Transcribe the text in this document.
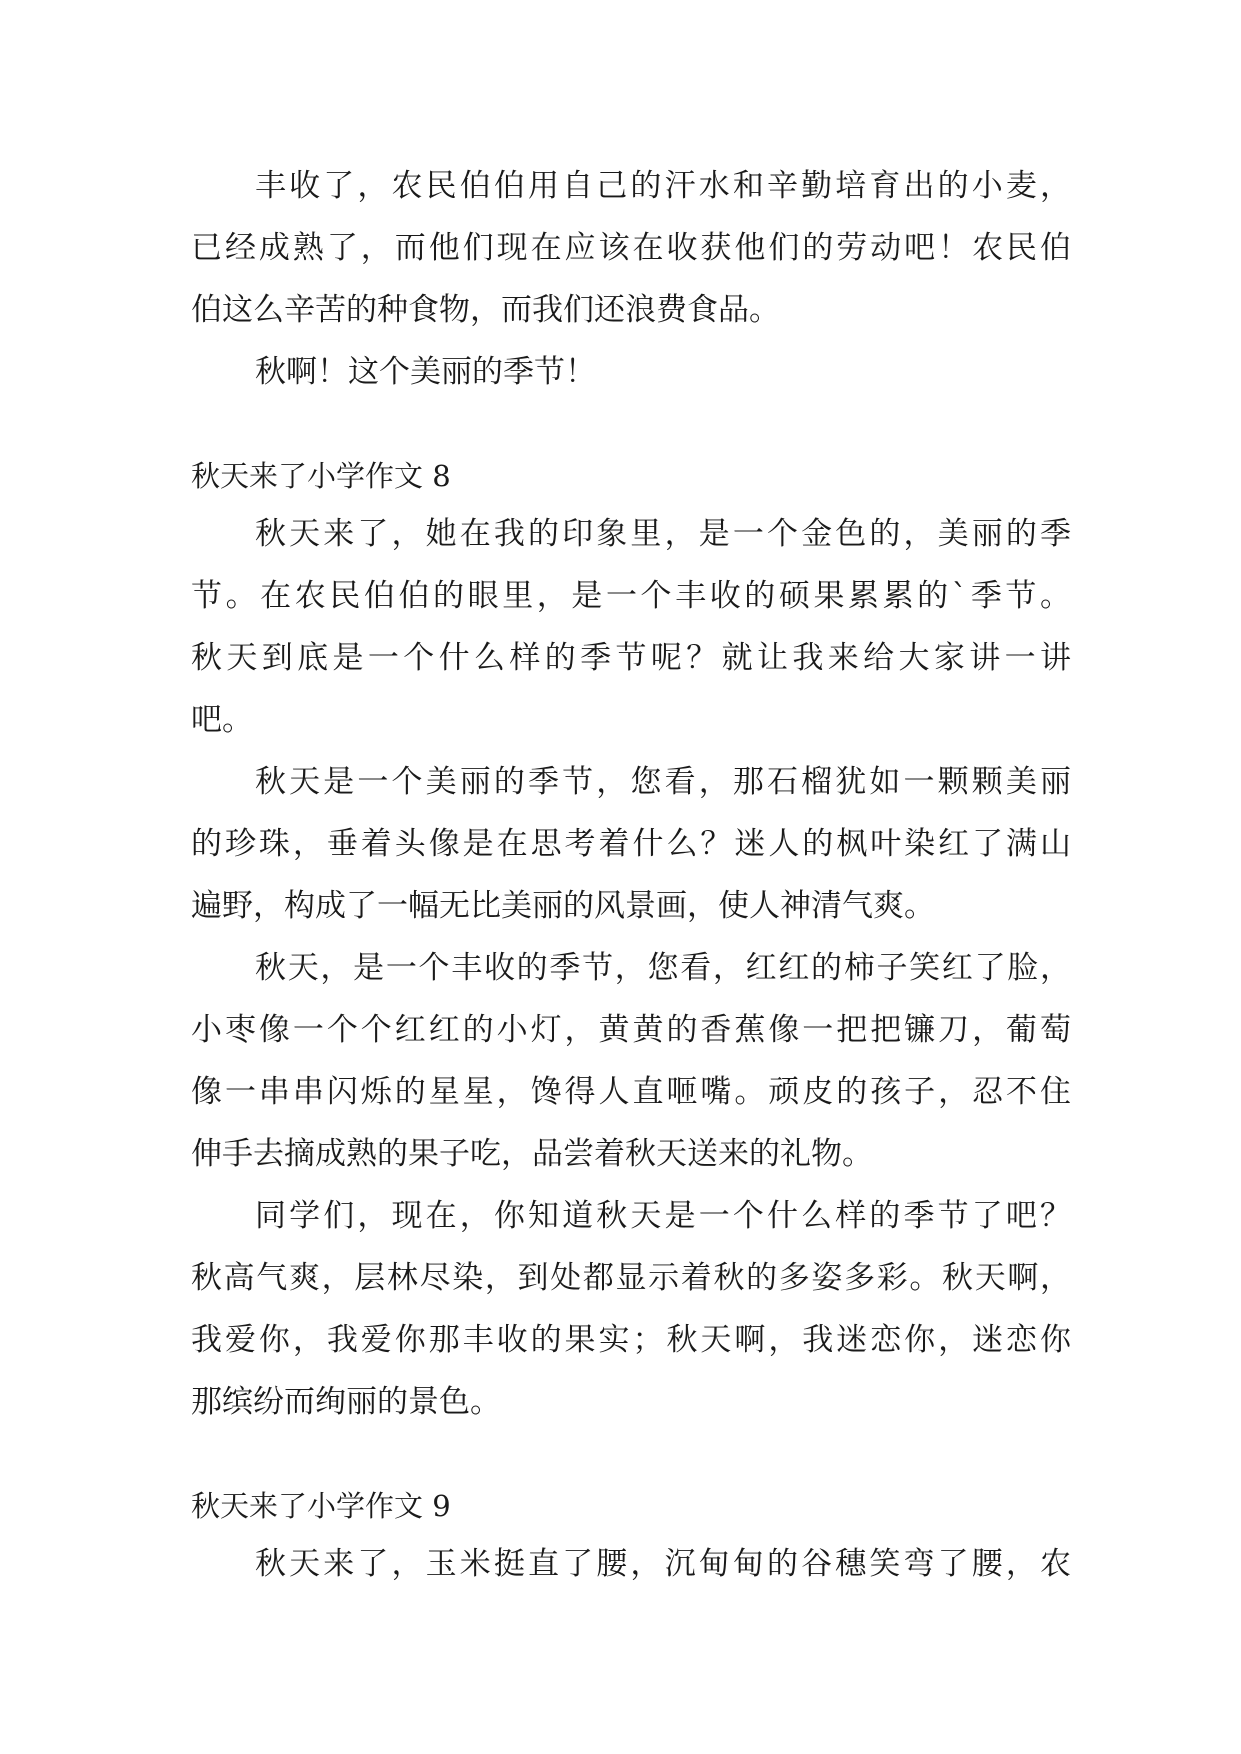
丰收了，农民伯伯用自己的汗水和辛勤培育出的小麦，
已经成熟了，而他们现在应该在收获他们的劳动吧！农民伯
伯这么辛苦的种食物，而我们还浪费食品。
秋啊！这个美丽的季节！
秋天来了小学作文 8
秋天来了，她在我的印象里，是一个金色的，美丽的季
节。在农民伯伯的眼里，是一个丰收的硕果累累的`季节。
秋天到底是一个什么样的季节呢？就让我来给大家讲一讲
吧。
秋天是一个美丽的季节，您看，那石榴犹如一颗颗美丽
的珍珠，垂着头像是在思考着什么？迷人的枫叶染红了满山
遍野，构成了一幅无比美丽的风景画，使人神清气爽。
秋天，是一个丰收的季节，您看，红红的柿子笑红了脸，
小枣像一个个红红的小灯，黄黄的香蕉像一把把镰刀，葡萄
像一串串闪烁的星星，馋得人直咂嘴。顽皮的孩子，忍不住
伸手去摘成熟的果子吃，品尝着秋天送来的礼物。
同学们，现在，你知道秋天是一个什么样的季节了吧？
秋高气爽，层林尽染，到处都显示着秋的多姿多彩。秋天啊，
我爱你，我爱你那丰收的果实；秋天啊，我迷恋你，迷恋你
那缤纷而绚丽的景色。
秋天来了小学作文 9
秋天来了，玉米挺直了腰，沉甸甸的谷穗笑弯了腰，农
